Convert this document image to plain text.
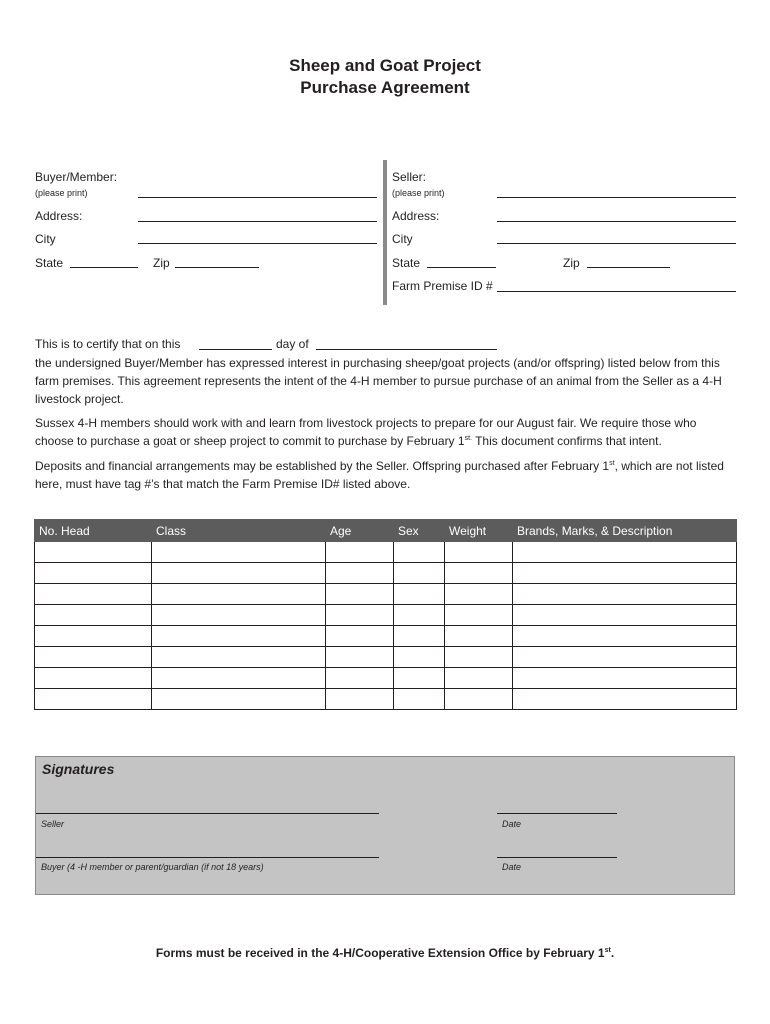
Sheep and Goat Project
Purchase Agreement
Buyer/Member:
(please print)
Address:
City
State	Zip
Seller:
(please print)
Address:
City
State	Zip
Farm Premise ID #
This is to certify that on this	day of
the undersigned Buyer/Member has expressed interest in purchasing sheep/goat projects (and/or offspring) listed below from this farm premises. This agreement represents the intent of the 4-H member to pursue purchase of an animal from the Seller as a 4-H livestock project.
Sussex 4-H members should work with and learn from livestock projects to prepare for our August fair. We require those who choose to purchase a goat or sheep project to commit to purchase by February $1^{st.}$ This document confirms that intent.
Deposits and financial arrangements may be established by the Seller. Offspring purchased after February 1st, which are not listed here, must have tag #’s that match the Farm Premise ID# listed above.
No. Head	Class	Age	Sex	Weight	Brands, Marks, & Description

Signatures
Seller	Date
Buyer (4 -H member or parent/guardian (if not 18 years)	Date
Forms must be received in the 4-H/Cooperative Extension Office by February 1st.
